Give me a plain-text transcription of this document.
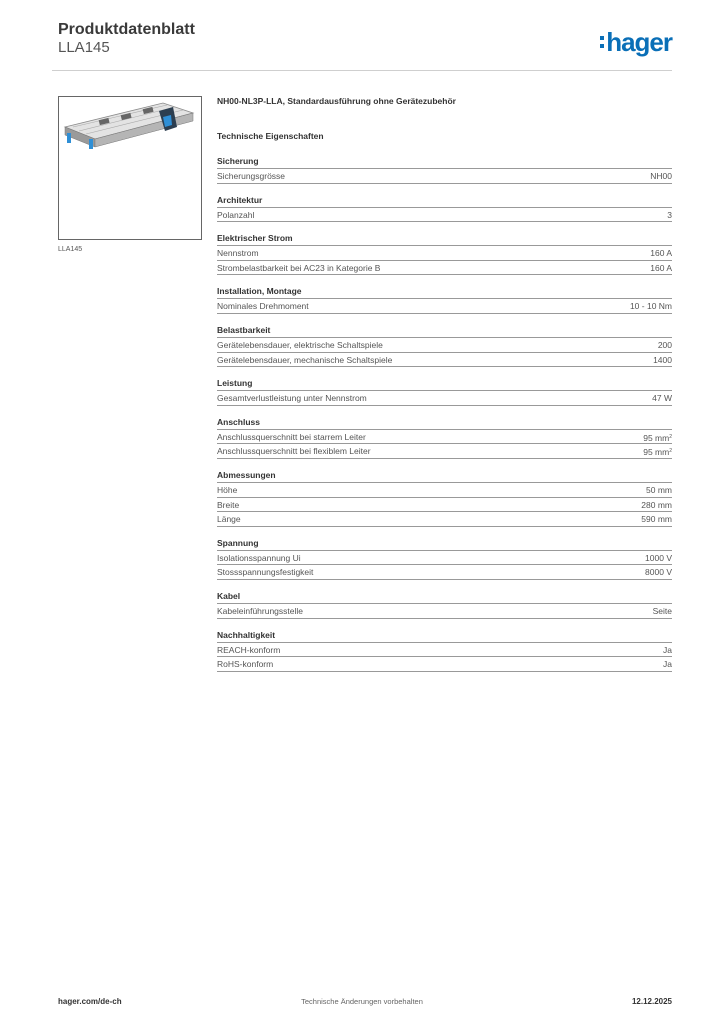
Produktdatenblatt
LLA145	hager
LLA145
NH00-NL3P-LLA, Standardausführung ohne Gerätezubehör
Technische Eigenschaften
Sicherung
Sicherungsgrösse	NH00
Architektur
Polanzahl	3
Elektrischer Strom
Nennstrom	160 A
Strombelastbarkeit bei AC23 in Kategorie B	160 A
Installation, Montage
Nominales Drehmoment	10 - 10 Nm
Belastbarkeit
Gerätelebensdauer, elektrische Schaltspiele	200
Gerätelebensdauer, mechanische Schaltspiele	1400
Leistung
Gesamtverlustleistung unter Nennstrom	47 W
Anschluss
Anschlussquerschnitt bei starrem Leiter	95 $mm^2$
Anschlussquerschnitt bei flexiblem Leiter	95 $mm^2$
Abmessungen
Höhe	50 mm
Breite	280 mm
Länge	590 mm
Spannung
Isolationsspannung Ui	1000 V
Stossspannungsfestigkeit	8000 V
Kabel
Kabeleinführungsstelle	Seite
Nachhaltigkeit
REACH-konform	Ja
RoHS-konform	Ja
hager.com/de-ch	Technische Änderungen vorbehalten	12.12.2025
